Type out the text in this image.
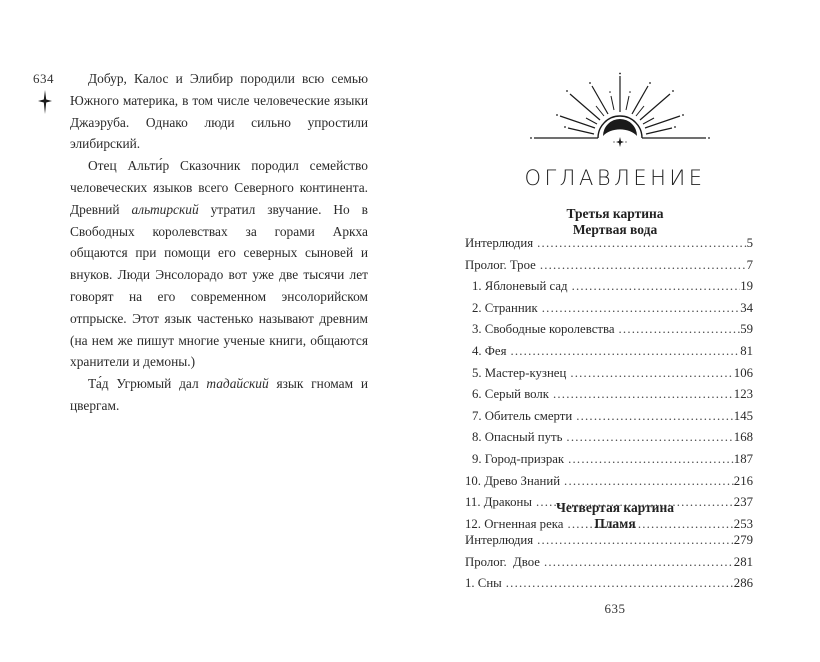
634	Добур, Калос и Элибир породили всю семью Южного материка, в том числе человеческие языки Джаэруба. Однако люди сильно упростили элибирский.

Отец Альти́р Сказочник породил семейство человеческих языков всего Северного континента. Древний альтирский утратил звучание. Но в Свободных королевствах за горами Аркха общаются при помощи его северных сыновей и внуков. Люди Энсолорадо вот уже две тысячи лет говорят на его современном энсолорийском отпрыске. Этот язык частенько называют древним (на нем же пишут многие ученые книги, общаются хранители и демоны.)

Та́д Угрюмый дал тадайский язык гномам и цвергам.

ОГЛАВЛЕНИЕ
Третья картина
Мертвая вода
Интерлюдия .....	5
Пролог. Трое .....	7
1. Яблоневый сад .....	19
2. Странник .....	34
3. Свободные королевства .....	59
4. Фея .....	81
5. Мастер-кузнец .....	106
6. Серый волк .....	123
7. Обитель смерти .....	145
8. Опасный путь .....	168
9. Город-призрак .....	187
10. Древо Знаний .....	216
11. Драконы .....	237
12. Огненная река .....	253
Четвертая картина
Пламя
Интерлюдия .....	279
Пролог.  Двое .....	281
1. Сны .....	286
635
